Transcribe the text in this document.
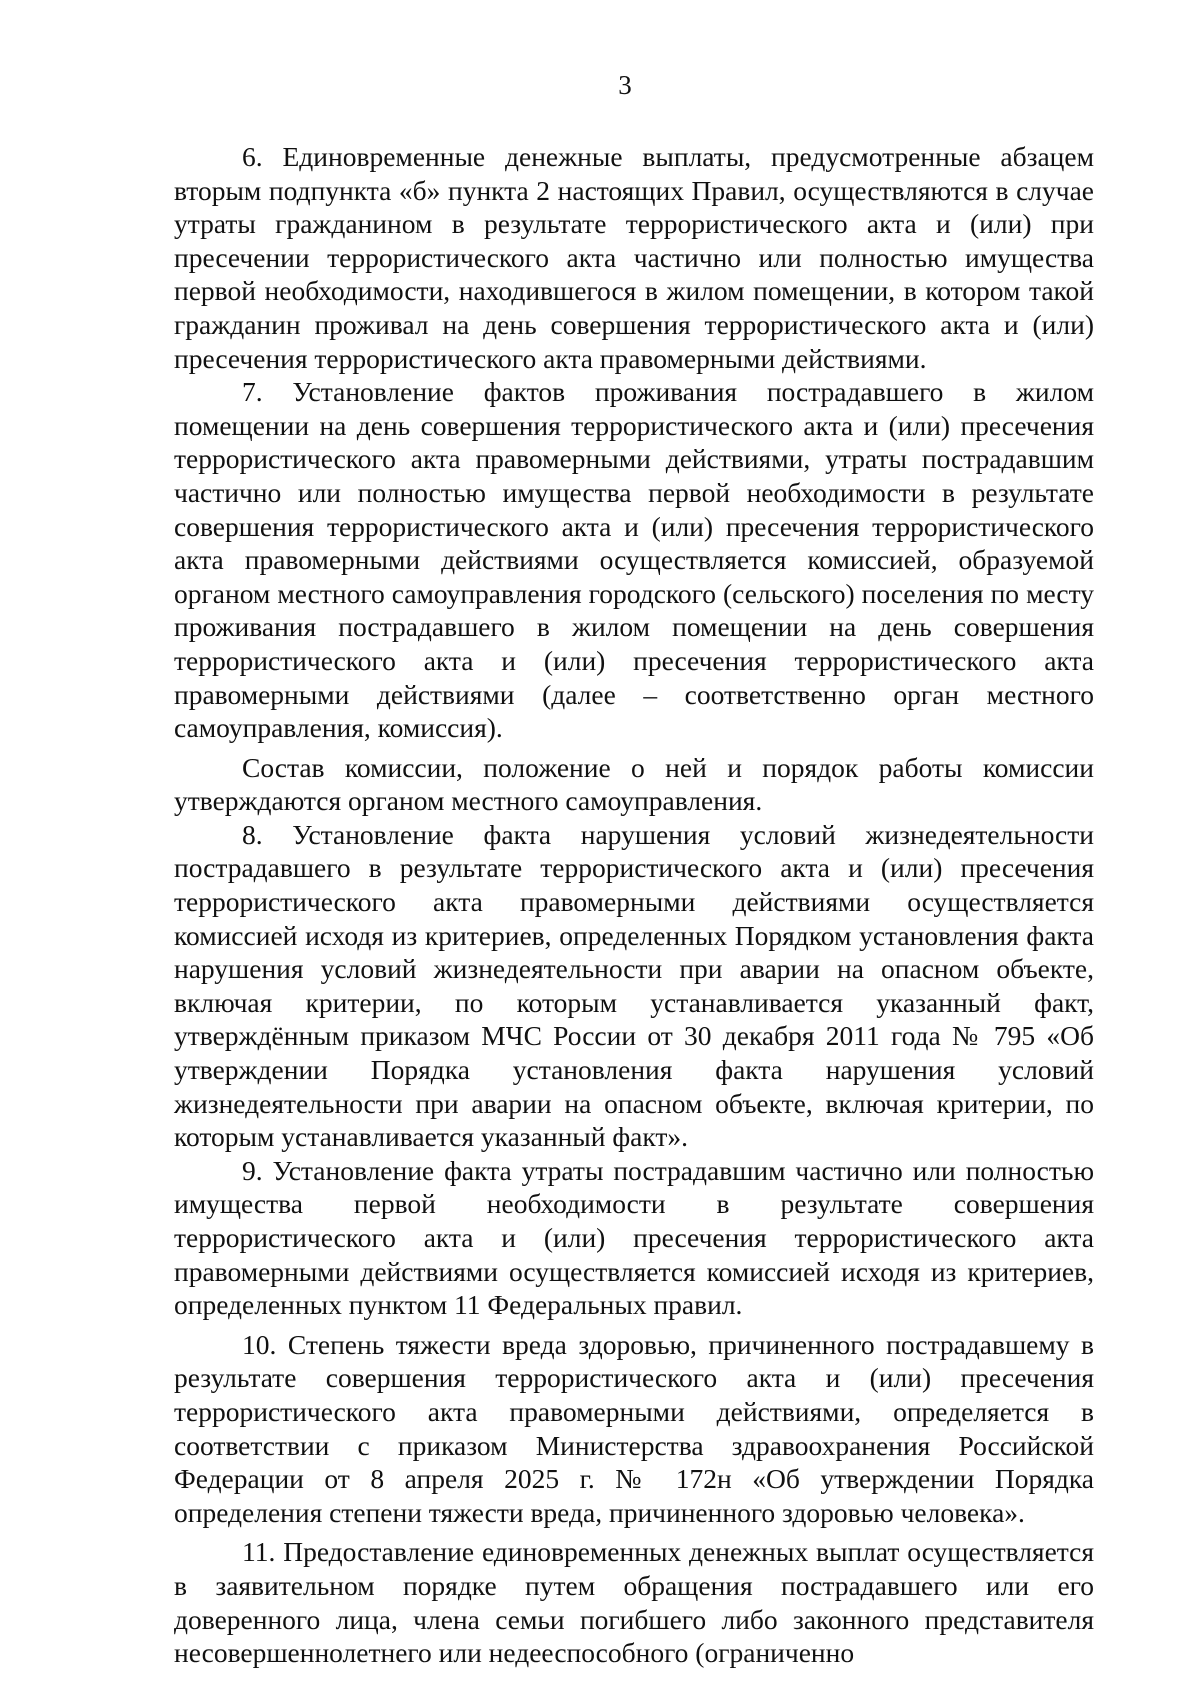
3

6. Единовременные денежные выплаты, предусмотренные абзацем вторым подпункта «б» пункта 2 настоящих Правил, осуществляются в случае утраты гражданином в результате террористического акта и (или) при пресечении террористического акта частично или полностью имущества первой необходимости, находившегося в жилом помещении, в котором такой гражданин проживал на день совершения террористического акта и (или) пресечения террористического акта правомерными действиями.

7. Установление фактов проживания пострадавшего в жилом помещении на день совершения террористического акта и (или) пресечения террористического акта правомерными действиями, утраты пострадавшим частично или полностью имущества первой необходимости в результате совершения террористического акта и (или) пресечения террористического акта правомерными действиями осуществляется комиссией, образуемой органом местного самоуправления городского (сельского) поселения по месту проживания пострадавшего в жилом помещении на день совершения террористического акта и (или) пресечения террористического акта правомерными действиями (далее – соответственно орган местного самоуправления, комиссия).

Состав комиссии, положение о ней и порядок работы комиссии утверждаются органом местного самоуправления.

8. Установление факта нарушения условий жизнедеятельности пострадавшего в результате террористического акта и (или) пресечения террористического акта правомерными действиями осуществляется комиссией исходя из критериев, определенных Порядком установления факта нарушения условий жизнедеятельности при аварии на опасном объекте, включая критерии, по которым устанавливается указанный факт, утверждённым приказом МЧС России от 30 декабря 2011 года № 795 «Об утверждении Порядка установления факта нарушения условий жизнедеятельности при аварии на опасном объекте, включая критерии, по которым устанавливается указанный факт».

9. Установление факта утраты пострадавшим частично или полностью имущества первой необходимости в результате совершения террористического акта и (или) пресечения террористического акта правомерными действиями осуществляется комиссией исходя из критериев, определенных пунктом 11 Федеральных правил.

10. Степень тяжести вреда здоровью, причиненного пострадавшему в результате совершения террористического акта и (или) пресечения террористического акта правомерными действиями, определяется в соответствии с приказом Министерства здравоохранения Российской Федерации от 8 апреля 2025 г. № 172н «Об утверждении Порядка определения степени тяжести вреда, причиненного здоровью человека».

11. Предоставление единовременных денежных выплат осуществляется в заявительном порядке путем обращения пострадавшего или его доверенного лица, члена семьи погибшего либо законного представителя несовершеннолетнего или недееспособного (ограниченно
